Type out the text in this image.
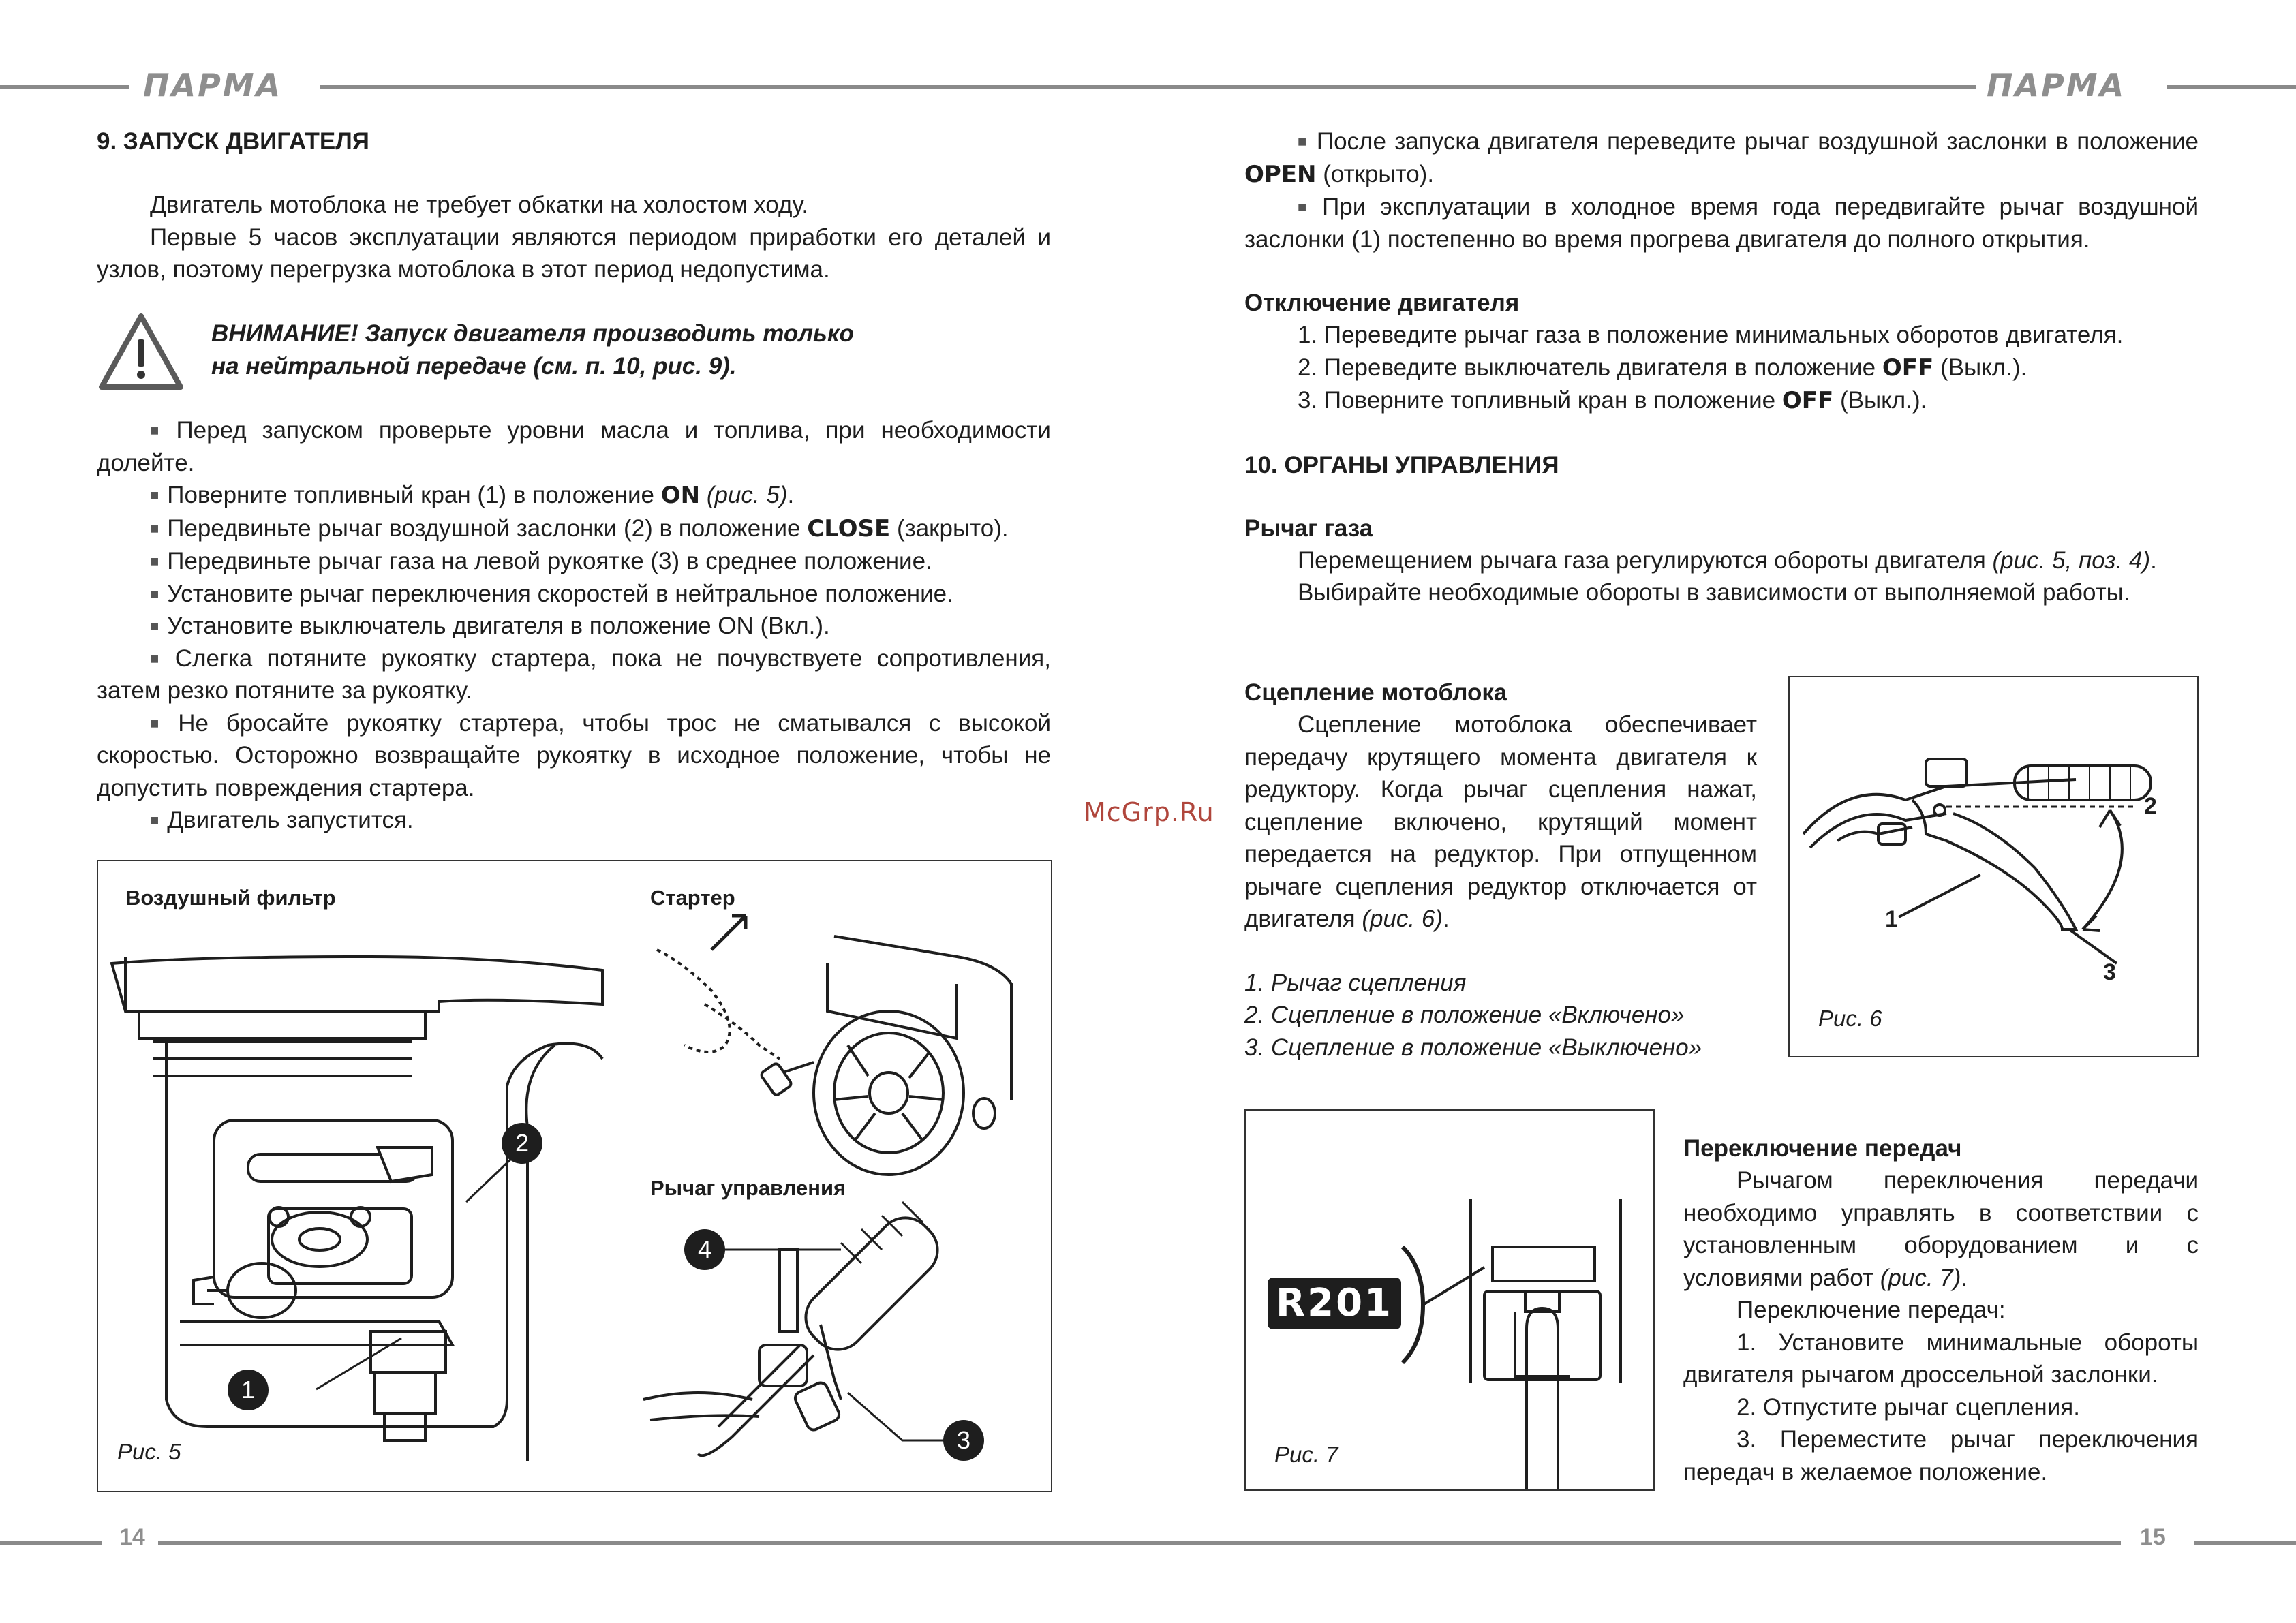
ПАРМА	ПАРМА
14	15
McGrp.Ru

9. ЗАПУСК ДВИГАТЕЛЯ

Двигатель мотоблока не требует обкатки на холостом ходу.

Первые 5 часов эксплуатации являются периодом приработки его деталей и узлов, поэтому перегрузка мотоблока в этот период недопустима.

ВНИМАНИЕ! Запуск двигателя производить только
на нейтральной передаче (см. п. 10, рис. 9).

■ Перед запуском проверьте уровни масла и топлива, при необходимости долейте.

■ Поверните топливный кран (1) в положение ON (рис. 5).

■ Передвиньте рычаг воздушной заслонки (2) в положение CLOSE (закрыто).

■ Передвиньте рычаг газа на левой рукоятке (3) в среднее положение.

■ Установите рычаг переключения скоростей в нейтральное положение.

■ Установите выключатель двигателя в положение ON (Вкл.).

■ Слегка потяните рукоятку стартера, пока не почувствуете сопротивления, затем резко потяните за рукоятку.

■ Не бросайте рукоятку стартера, чтобы трос не сматывался с высокой скоростью. Осторожно возвращайте рукоятку в исходное положение, чтобы не допустить повреждения стартера.

■ Двигатель запустится.

Воздушный фильтр	Стартер
Рычаг управления
Рис. 5
1
2
3
4

■ После запуска двигателя переведите рычаг воздушной заслонки в положение OPEN (открыто).

■ При эксплуатации в холодное время года передвигайте рычаг воздушной заслонки (1) постепенно во время прогрева двигателя до полного открытия.

Отключение двигателя

1. Переведите рычаг газа в положение минимальных оборотов двигателя.

2. Переведите выключатель двигателя в положение OFF (Выкл.).

3. Поверните топливный кран в положение OFF (Выкл.).

10. ОРГАНЫ УПРАВЛЕНИЯ

Рычаг газа

Перемещением рычага газа регулируются обороты двигателя (рис. 5, поз. 4).

Выбирайте необходимые обороты в зависимости от выполняемой работы.

Сцепление мотоблока

Сцепление мотоблока обеспечивает передачу крутящего момента двигателя к редуктору. Когда рычаг сцепления нажат, сцепление включено, крутящий момент передается на редуктор. При отпущенном рычаге сцепления редуктор отключается от двигателя (рис. 6).

1. Рычаг сцепления

2. Сцепление в положение «Включено»

3. Сцепление в положение «Выключено»

1
2
3
Рис. 6
R201
Рис. 7

Переключение передач

Рычагом переключения передачи необходимо управлять в соответствии с установленным оборудованием и с условиями работ (рис. 7).

Переключение передач:

1. Установите минимальные обороты двигателя рычагом дроссельной заслонки.

2. Отпустите рычаг сцепления.

3. Переместите рычаг переключения передач в желаемое положение.
